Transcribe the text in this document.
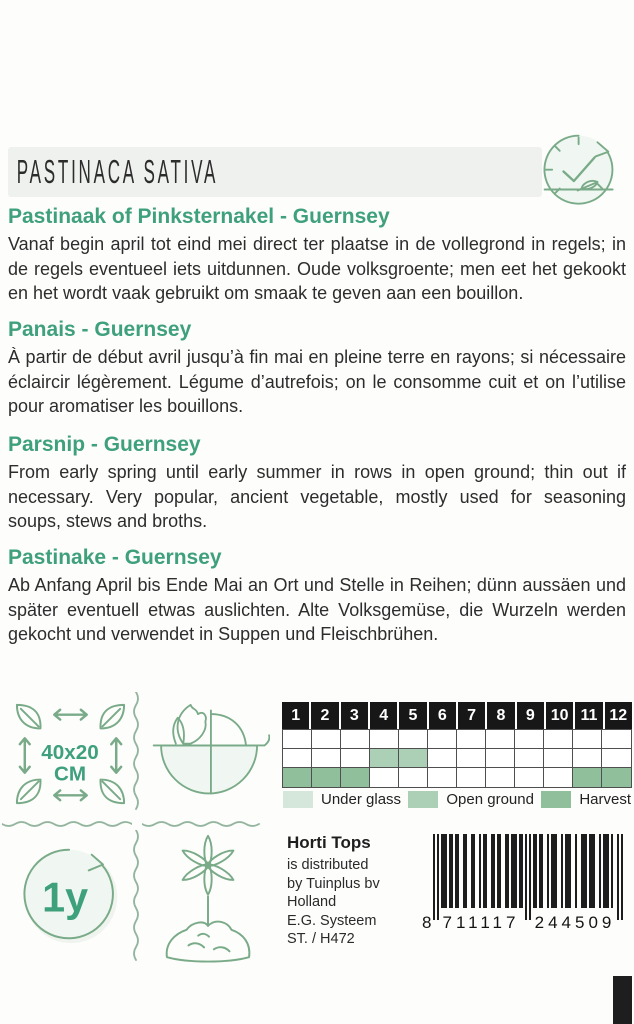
PASTINACA SATIVA
Pastinaak of Pinksternakel - Guernsey

Vanaf begin april tot eind mei direct ter plaatse in de vollegrond in regels; in de regels eventueel iets uitdunnen. Oude volksgroente; men eet het gekookt en het wordt vaak gebruikt om smaak te geven aan een bouillon.

Panais - Guernsey

À partir de début avril jusqu’à fin mai en pleine terre en rayons; si nécessaire éclaircir légèrement. Légume d’autrefois; on le consomme cuit et on l’utilise pour aromatiser les bouillons.

Parsnip - Guernsey

From early spring until early summer in rows in open ground; thin out if necessary. Very popular, ancient vegetable, mostly used for seasoning soups, stews and broths.

Pastinake - Guernsey

Ab Anfang April bis Ende Mai an Ort und Stelle in Reihen; dünn aussäen und später eventuell etwas auslichten. Alte Volksgemüse, die Wurzeln werden gekocht und verwendet in Suppen und Fleischbrühen.

40x20
CM
1y
1	2	3	4	5	6	7	8	9 10 11 12
Under glass	Open ground	Harvest
Horti Tops
is distributed
by Tuinplus bv
Holland
E.G. Systeem
ST. / H472
8 711117 244509
